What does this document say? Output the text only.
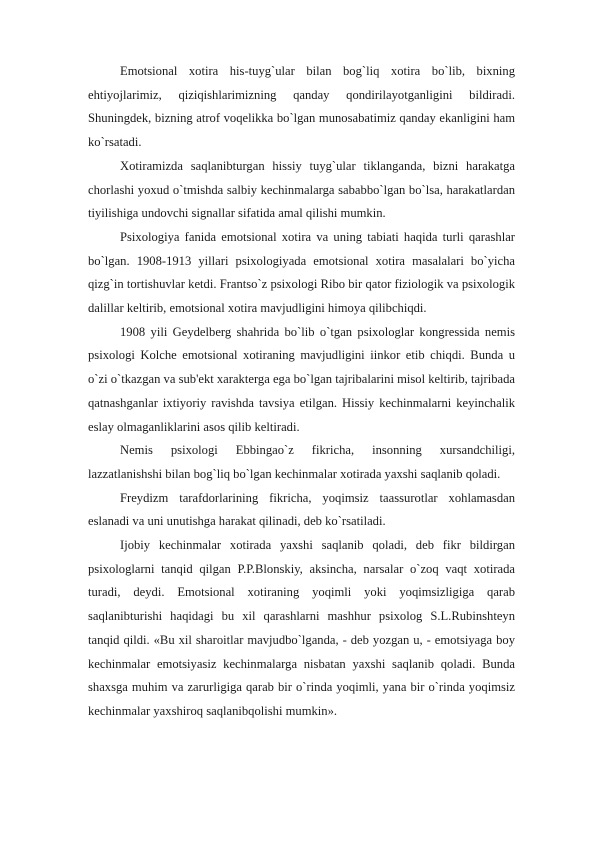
Emotsional xotira his-tuyg`ular bilan bog`liq xotira bo`lib, bixning ehtiyojlarimiz, qiziqishlarimizning qanday qondirilayotganligini bildiradi. Shuningdek, bizning atrof voqelikka bo`lgan munosabatimiz qanday ekanligini ham ko`rsatadi.

Xotiramizda saqlanibturgan hissiy tuyg`ular tiklanganda, bizni harakatga chorlashi yoxud o`tmishda salbiy kechinmalarga sababbo`lgan bo`lsa, harakatlardan tiyilishiga undovchi signallar sifatida amal qilishi mumkin.

Psixologiya fanida emotsional xotira va uning tabiati haqida turli qarashlar bo`lgan. 1908-1913 yillari psixologiyada emotsional xotira masalalari bo`yicha qizg`in tortishuvlar ketdi. Frantso`z psixologi Ribo bir qator fiziologik va psixologik dalillar keltirib, emotsional xotira mavjudligini himoya qilibchiqdi.

1908 yili Geydelberg shahrida bo`lib o`tgan psixologlar kongressida nemis psixologi Kolche emotsional xotiraning mavjudligini iinkor etib chiqdi. Bunda u o`zi o`tkazgan va sub'ekt xarakterga ega bo`lgan tajribalarini misol keltirib, tajribada qatnashganlar ixtiyoriy ravishda tavsiya etilgan. Hissiy kechinmalarni keyinchalik eslay olmaganliklarini asos qilib keltiradi.

Nemis psixologi Ebbingao`z fikricha, insonning xursandchiligi, lazzatlanishshi bilan bog`liq bo`lgan kechinmalar xotirada yaxshi saqlanib qoladi.

Freydizm tarafdorlarining fikricha, yoqimsiz taassurotlar xohlamasdan eslanadi va uni unutishga harakat qilinadi, deb ko`rsatiladi.

Ijobiy kechinmalar xotirada yaxshi saqlanib qoladi, deb fikr bildirgan psixologlarni tanqid qilgan P.P.Blonskiy, aksincha, narsalar o`zoq vaqt xotirada turadi, deydi. Emotsional xotiraning yoqimli yoki yoqimsizligiga qarab saqlanibturishi haqidagi bu xil qarashlarni mashhur psixolog S.L.Rubinshteyn tanqid qildi. «Bu xil sharoitlar mavjudbo`lganda, - deb yozgan u, - emotsiyaga boy kechinmalar emotsiyasiz kechinmalarga nisbatan yaxshi saqlanib qoladi. Bunda shaxsga muhim va zarurligiga qarab bir o`rinda yoqimli, yana bir o`rinda yoqimsiz kechinmalar yaxshiroq saqlanibqolishi mumkin».
